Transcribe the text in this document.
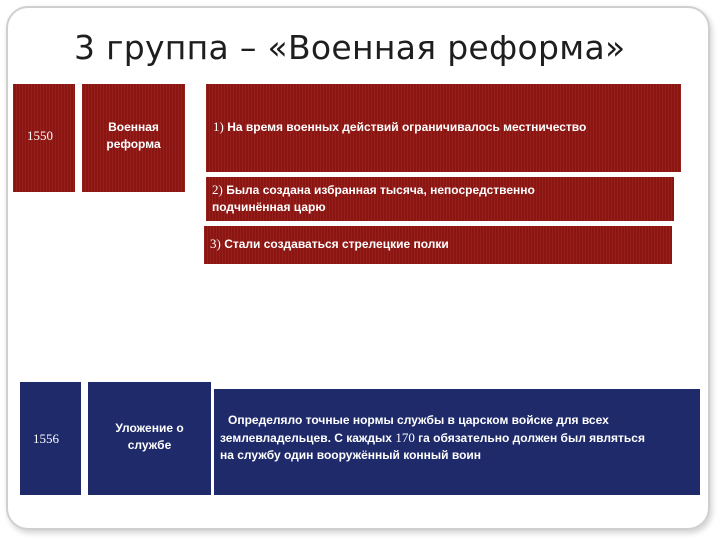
3 группа – «Военная реформа»
1550
Военная
реформа
1) На время военных действий ограничивалось местничество
2) Была создана избранная тысяча, непосредственно
подчинённая царю
3) Стали создаваться стрелецкие полки
1556
Уложение о
службе
Определяло точные нормы службы в царском войске для всех
землевладельцев. С каждых 170 га обязательно должен был являться
на службу один вооружённый конный воин
